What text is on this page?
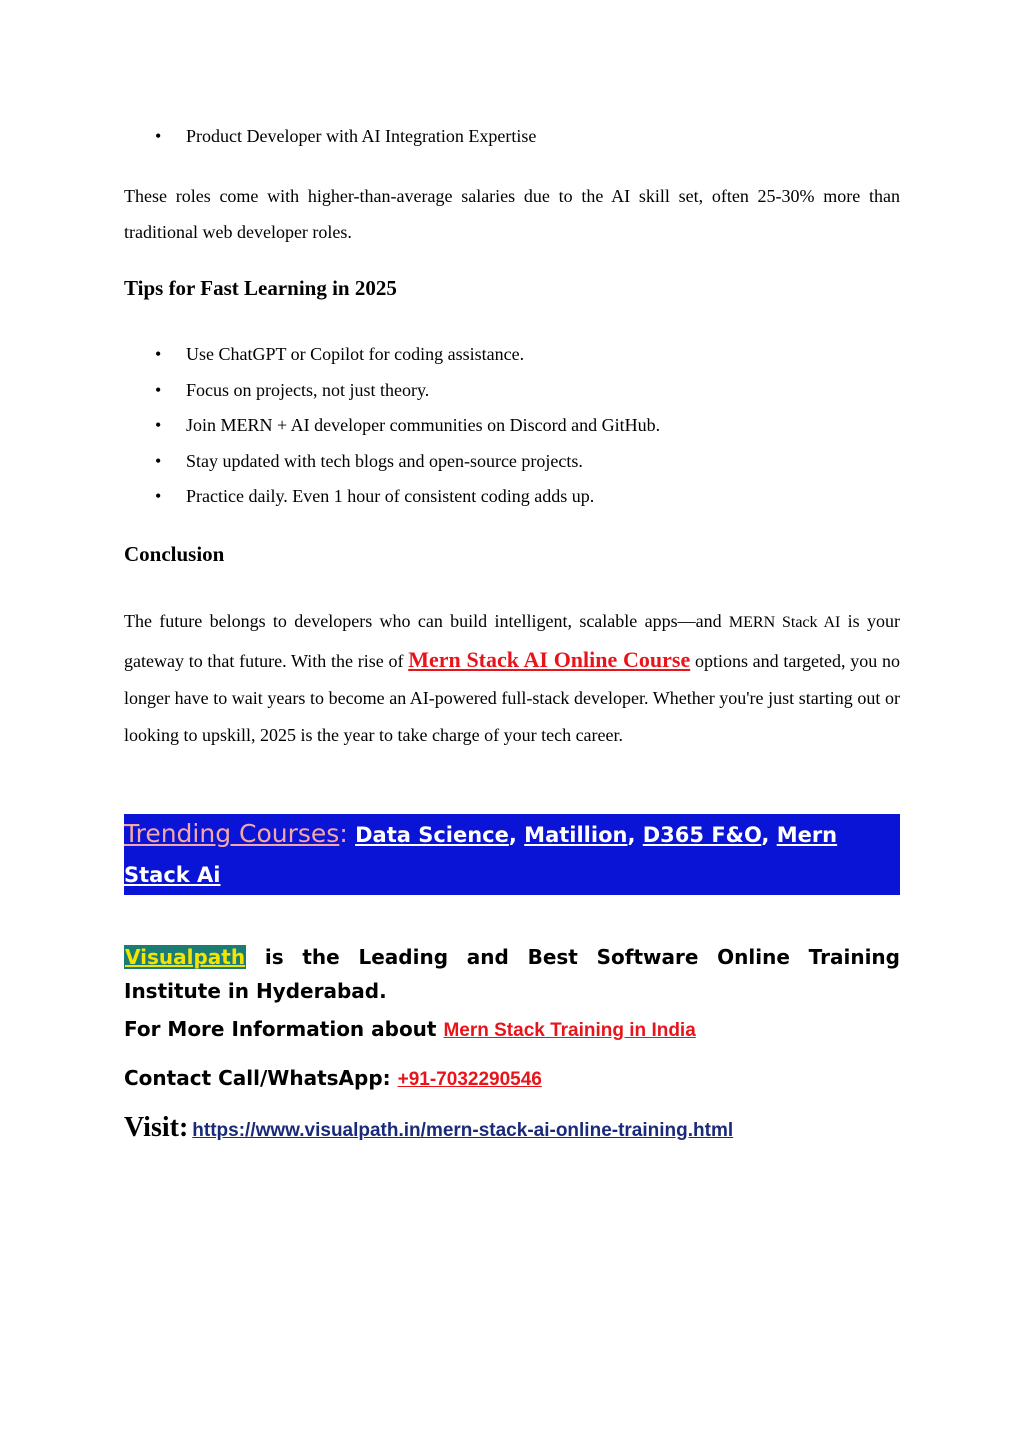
• Product Developer with AI Integration Expertise

These roles come with higher-than-average salaries due to the AI skill set, often 25-30% more than traditional web developer roles.

Tips for Fast Learning in 2025
• Use ChatGPT or Copilot for coding assistance.
• Focus on projects, not just theory.
• Join MERN + AI developer communities on Discord and GitHub.
• Stay updated with tech blogs and open-source projects.
• Practice daily. Even 1 hour of consistent coding adds up.
Conclusion

The future belongs to developers who can build intelligent, scalable apps—and MERN Stack AI is your gateway to that future. With the rise of Mern Stack AI Online Course options and targeted, you no longer have to wait years to become an AI-powered full-stack developer. Whether you're just starting out or looking to upskill, 2025 is the year to take charge of your tech career.

Trending Courses: Data Science, Matillion, D365 F&O, Mern Stack Ai

Visualpath is the Leading and Best Software Online Training Institute in Hyderabad.

For More Information about Mern Stack Training in India

Contact Call/WhatsApp: +91-7032290546

Visit: https://www.visualpath.in/mern-stack-ai-online-training.html
